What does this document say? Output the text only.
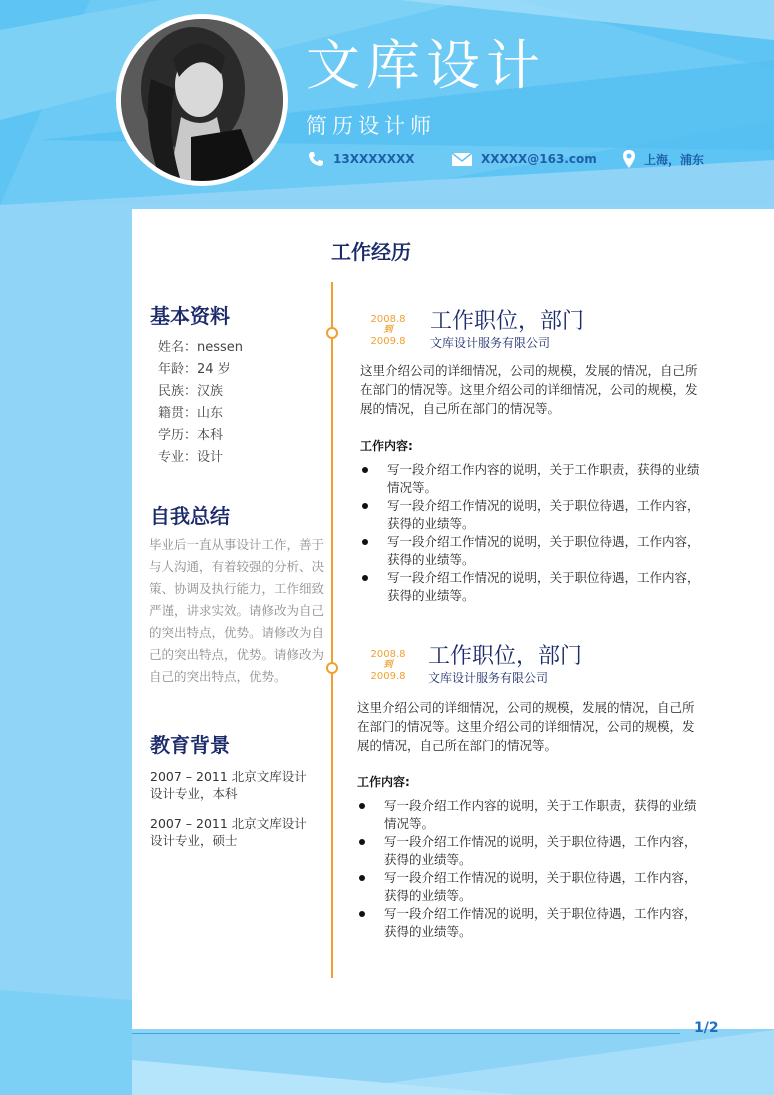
文库设计
简历设计师
13XXXXXXX	XXXXX@163.com	上海，浦东
基本资料
姓名：nessen
年龄：24 岁
民族：汉族
籍贯：山东
学历：本科
专业：设计
自我总结
毕业后一直从事设计工作，善于与人沟通，有着较强的分析、决策、协调及执行能力，工作细致严谨，讲求实效。请修改为自己的突出特点，优势。请修改为自己的突出特点，优势。请修改为自己的突出特点，优势。
教育背景
2007 – 2011 北京文库设计
设计专业，本科
2007 – 2011 北京文库设计
设计专业，硕士
工作经历
2008.8
到
2009.8
工作职位，部门
文库设计服务有限公司
这里介绍公司的详细情况，公司的规模，发展的情况，自己所在部门的情况等。这里介绍公司的详细情况，公司的规模，发展的情况，自己所在部门的情况等。
工作内容:
写一段介绍工作内容的说明，关于工作职责，获得的业绩情况等。
写一段介绍工作情况的说明，关于职位待遇，工作内容，获得的业绩等。
写一段介绍工作情况的说明，关于职位待遇，工作内容，获得的业绩等。
写一段介绍工作情况的说明，关于职位待遇，工作内容，获得的业绩等。
2008.8
到
2009.8
工作职位，部门
文库设计服务有限公司
这里介绍公司的详细情况，公司的规模，发展的情况，自己所在部门的情况等。这里介绍公司的详细情况，公司的规模，发展的情况，自己所在部门的情况等。
工作内容:
写一段介绍工作内容的说明，关于工作职责，获得的业绩情况等。
写一段介绍工作情况的说明，关于职位待遇，工作内容，获得的业绩等。
写一段介绍工作情况的说明，关于职位待遇，工作内容，获得的业绩等。
写一段介绍工作情况的说明，关于职位待遇，工作内容，获得的业绩等。
1/2
